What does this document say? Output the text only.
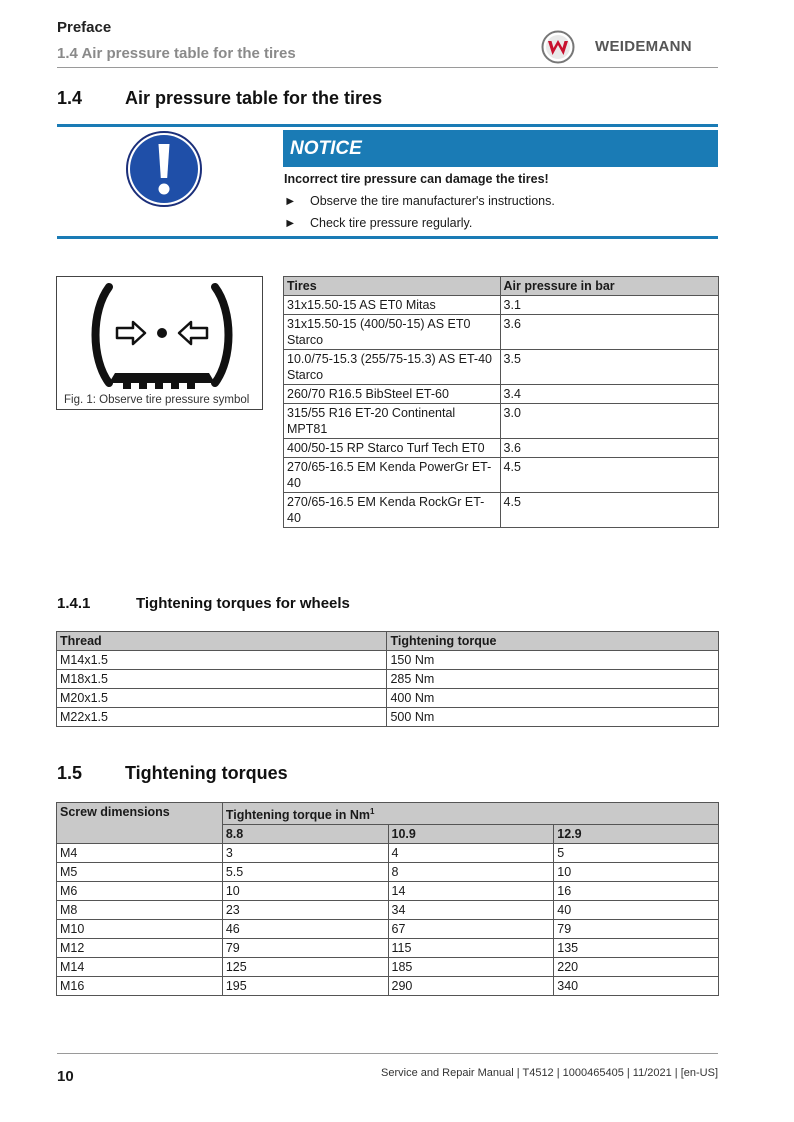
Preface
1.4 Air pressure table for the tires	WEIDEMANN
1.4 Air pressure table for the tires
NOTICE
Incorrect tire pressure can damage the tires!
► Observe the tire manufacturer's instructions.
► Check tire pressure regularly.
Fig. 1: Observe tire pressure symbol
Tires	Air pressure in bar
31x15.50-15 AS ET0 Mitas	3.1
31x15.50-15 (400/50-15) AS ET0 Starco	3.6
10.0/75-15.3 (255/75-15.3) AS ET-40 Starco	3.5
260/70 R16.5 BibSteel ET-60	3.4
315/55 R16 ET-20 Continental MPT81	3.0
400/50-15 RP Starco Turf Tech ET0	3.6
270/65-16.5 EM Kenda PowerGr ET-40	4.5
270/65-16.5 EM Kenda RockGr ET-40	4.5
1.4.1	Tightening torques for wheels
Thread	Tightening torque
M14x1.5	150 Nm
M18x1.5	285 Nm
M20x1.5	400 Nm
M22x1.5	500 Nm
1.5 Tightening torques
Screw dimensions	Tightening torque in Nm$^1$
	8.8	10.9	12.9
M4	3	4	5
M5	5.5	8	10
M6	10	14	16
M8	23	34	40
M10	46	67	79
M12	79	115	135
M14	125	185	220
M16	195	290	340
10	Service and Repair Manual | T4512 | 1000465405 | 11/2021 | [en-US]
